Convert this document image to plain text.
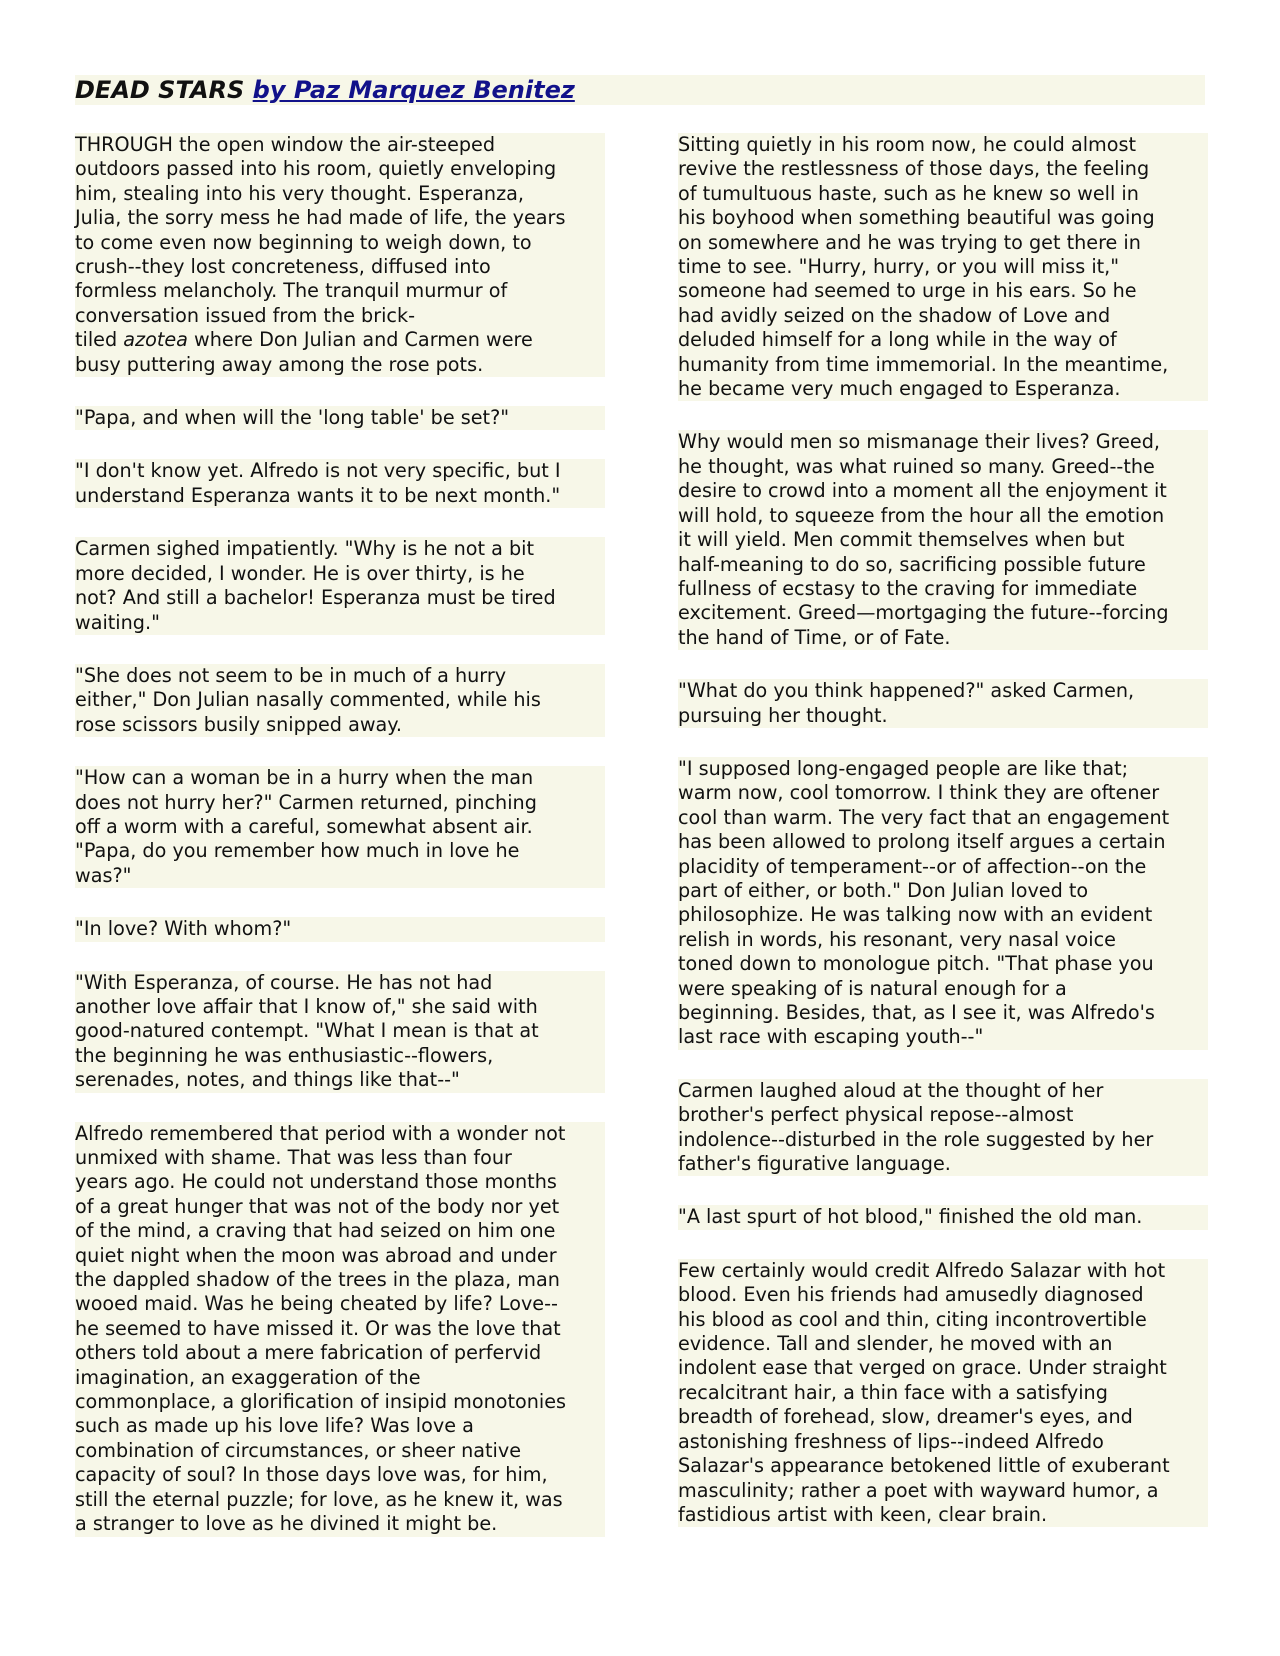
DEAD STARS by Paz Marquez Benitez

THROUGH the open window the air-steeped
outdoors passed into his room, quietly enveloping
him, stealing into his very thought. Esperanza,
Julia, the sorry mess he had made of life, the years
to come even now beginning to weigh down, to
crush--they lost concreteness, diffused into
formless melancholy. The tranquil murmur of
conversation issued from the brick-
tiled azotea where Don Julian and Carmen were
busy puttering away among the rose pots.

"Papa, and when will the 'long table' be set?"

"I don't know yet. Alfredo is not very specific, but I
understand Esperanza wants it to be next month."

Carmen sighed impatiently. "Why is he not a bit
more decided, I wonder. He is over thirty, is he
not? And still a bachelor! Esperanza must be tired
waiting."

"She does not seem to be in much of a hurry
either," Don Julian nasally commented, while his
rose scissors busily snipped away.

"How can a woman be in a hurry when the man
does not hurry her?" Carmen returned, pinching
off a worm with a careful, somewhat absent air.
"Papa, do you remember how much in love he
was?"

"In love? With whom?"

"With Esperanza, of course. He has not had
another love affair that I know of," she said with
good-natured contempt. "What I mean is that at
the beginning he was enthusiastic--flowers,
serenades, notes, and things like that--"

Alfredo remembered that period with a wonder not
unmixed with shame. That was less than four
years ago. He could not understand those months
of a great hunger that was not of the body nor yet
of the mind, a craving that had seized on him one
quiet night when the moon was abroad and under
the dappled shadow of the trees in the plaza, man
wooed maid. Was he being cheated by life? Love--
he seemed to have missed it. Or was the love that
others told about a mere fabrication of perfervid
imagination, an exaggeration of the
commonplace, a glorification of insipid monotonies
such as made up his love life? Was love a
combination of circumstances, or sheer native
capacity of soul? In those days love was, for him,
still the eternal puzzle; for love, as he knew it, was
a stranger to love as he divined it might be.

Sitting quietly in his room now, he could almost
revive the restlessness of those days, the feeling
of tumultuous haste, such as he knew so well in
his boyhood when something beautiful was going
on somewhere and he was trying to get there in
time to see. "Hurry, hurry, or you will miss it,"
someone had seemed to urge in his ears. So he
had avidly seized on the shadow of Love and
deluded himself for a long while in the way of
humanity from time immemorial. In the meantime,
he became very much engaged to Esperanza.

Why would men so mismanage their lives? Greed,
he thought, was what ruined so many. Greed--the
desire to crowd into a moment all the enjoyment it
will hold, to squeeze from the hour all the emotion
it will yield. Men commit themselves when but
half-meaning to do so, sacrificing possible future
fullness of ecstasy to the craving for immediate
excitement. Greed—mortgaging the future--forcing
the hand of Time, or of Fate.

"What do you think happened?" asked Carmen,
pursuing her thought.

"I supposed long-engaged people are like that;
warm now, cool tomorrow. I think they are oftener
cool than warm. The very fact that an engagement
has been allowed to prolong itself argues a certain
placidity of temperament--or of affection--on the
part of either, or both." Don Julian loved to
philosophize. He was talking now with an evident
relish in words, his resonant, very nasal voice
toned down to monologue pitch. "That phase you
were speaking of is natural enough for a
beginning. Besides, that, as I see it, was Alfredo's
last race with escaping youth--"

Carmen laughed aloud at the thought of her
brother's perfect physical repose--almost
indolence--disturbed in the role suggested by her
father's figurative language.

"A last spurt of hot blood," finished the old man.

Few certainly would credit Alfredo Salazar with hot
blood. Even his friends had amusedly diagnosed
his blood as cool and thin, citing incontrovertible
evidence. Tall and slender, he moved with an
indolent ease that verged on grace. Under straight
recalcitrant hair, a thin face with a satisfying
breadth of forehead, slow, dreamer's eyes, and
astonishing freshness of lips--indeed Alfredo
Salazar's appearance betokened little of exuberant
masculinity; rather a poet with wayward humor, a
fastidious artist with keen, clear brain.
